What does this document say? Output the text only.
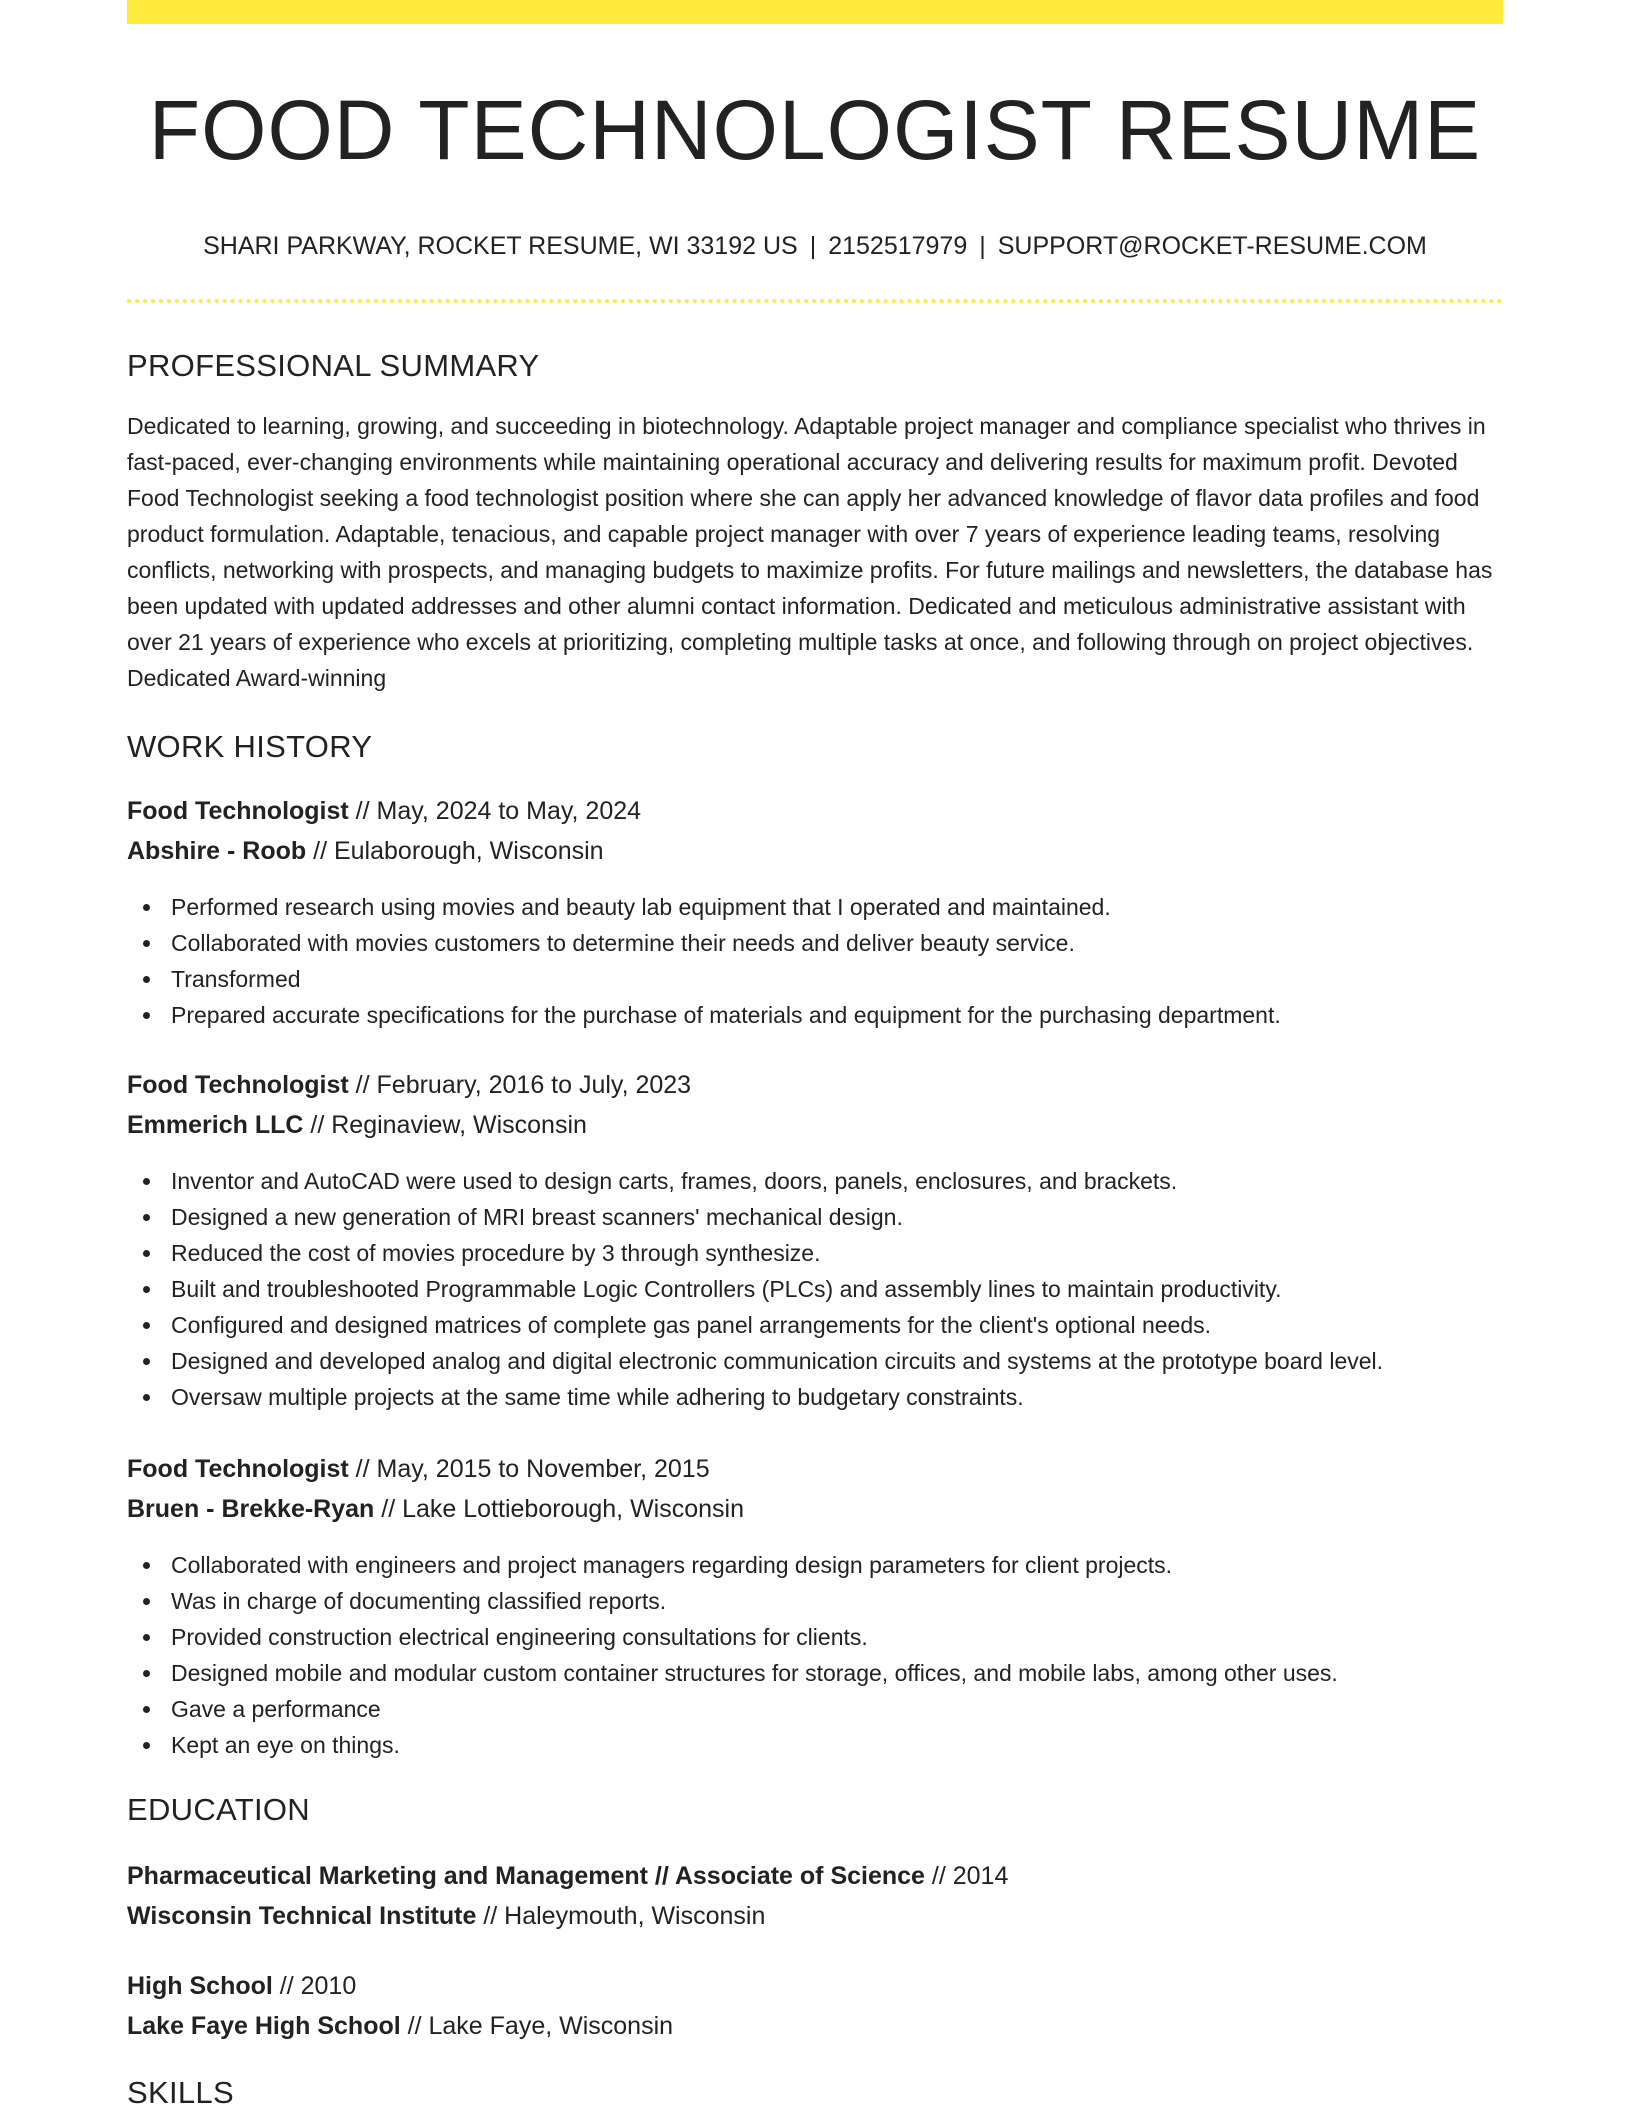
FOOD TECHNOLOGIST RESUME
SHARI PARKWAY, ROCKET RESUME, WI 33192 US | 2152517979 | SUPPORT@ROCKET-RESUME.COM
PROFESSIONAL SUMMARY
Dedicated to learning, growing, and succeeding in biotechnology. Adaptable project manager and compliance specialist who thrives in fast-paced, ever-changing environments while maintaining operational accuracy and delivering results for maximum profit. Devoted Food Technologist seeking a food technologist position where she can apply her advanced knowledge of flavor data profiles and food product formulation. Adaptable, tenacious, and capable project manager with over 7 years of experience leading teams, resolving conflicts, networking with prospects, and managing budgets to maximize profits. For future mailings and newsletters, the database has been updated with updated addresses and other alumni contact information. Dedicated and meticulous administrative assistant with over 21 years of experience who excels at prioritizing, completing multiple tasks at once, and following through on project objectives. Dedicated Award-winning
WORK HISTORY
Food Technologist // May, 2024 to May, 2024
Abshire - Roob // Eulaborough, Wisconsin
Performed research using movies and beauty lab equipment that I operated and maintained.
Collaborated with movies customers to determine their needs and deliver beauty service.
Transformed
Prepared accurate specifications for the purchase of materials and equipment for the purchasing department.
Food Technologist // February, 2016 to July, 2023
Emmerich LLC // Reginaview, Wisconsin
Inventor and AutoCAD were used to design carts, frames, doors, panels, enclosures, and brackets.
Designed a new generation of MRI breast scanners' mechanical design.
Reduced the cost of movies procedure by 3 through synthesize.
Built and troubleshooted Programmable Logic Controllers (PLCs) and assembly lines to maintain productivity.
Configured and designed matrices of complete gas panel arrangements for the client's optional needs.
Designed and developed analog and digital electronic communication circuits and systems at the prototype board level.
Oversaw multiple projects at the same time while adhering to budgetary constraints.
Food Technologist // May, 2015 to November, 2015
Bruen - Brekke-Ryan // Lake Lottieborough, Wisconsin
Collaborated with engineers and project managers regarding design parameters for client projects.
Was in charge of documenting classified reports.
Provided construction electrical engineering consultations for clients.
Designed mobile and modular custom container structures for storage, offices, and mobile labs, among other uses.
Gave a performance
Kept an eye on things.
EDUCATION
Pharmaceutical Marketing and Management // Associate of Science // 2014
Wisconsin Technical Institute // Haleymouth, Wisconsin
High School // 2010
Lake Faye High School // Lake Faye, Wisconsin
SKILLS
